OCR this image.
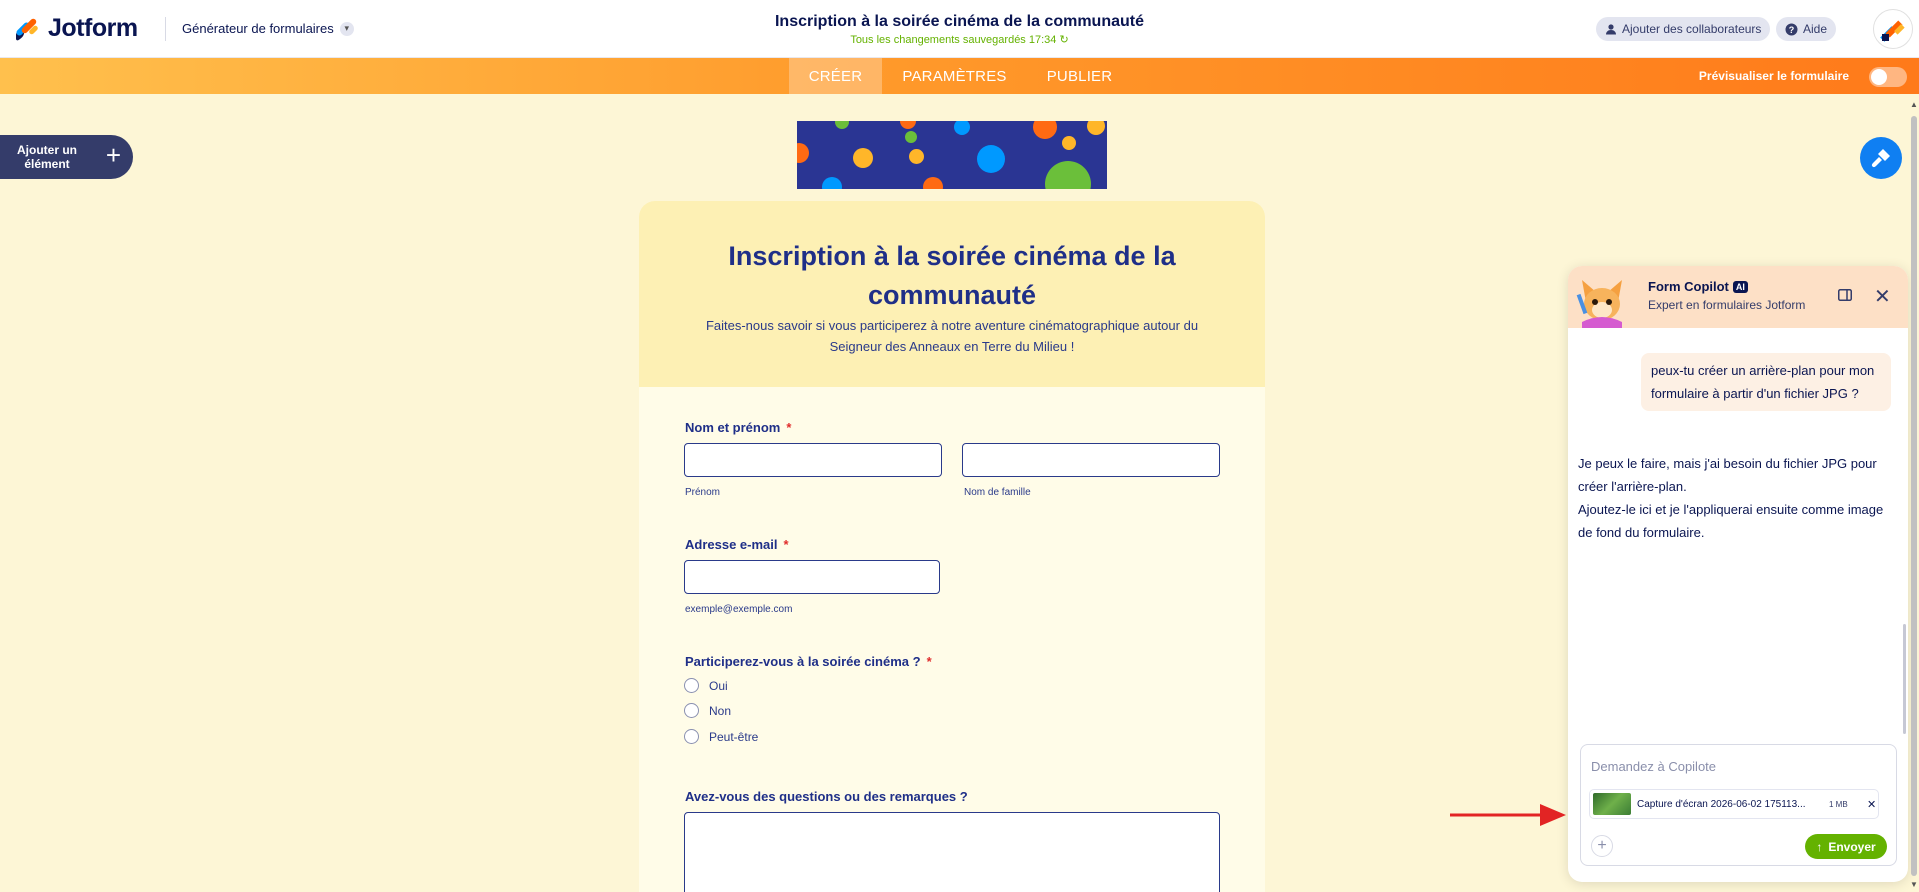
Jotform	Générateur de formulaires	▾	Inscription à la soirée cinéma de la communauté
Tous les changements sauvegardés 17:34 ↻
Ajouter des collaborateurs	? Aide
CRÉER	PARAMÈTRES	PUBLIER	Prévisualiser le formulaire
Ajouter un élément	+
Inscription à la soirée cinéma de la communauté
Faites-nous savoir si vous participerez à notre aventure cinématographique autour du Seigneur des Anneaux en Terre du Milieu !
Nom et prénom *
Prénom	Nom de famille
Adresse e-mail *
exemple@exemple.com
Participerez-vous à la soirée cinéma ? *
Oui
Non
Peut-être
Avez-vous des questions ou des remarques ?
Form Copilot AI
Expert en formulaires Jotform	✕
peux-tu créer un arrière-plan pour mon formulaire à partir d'un fichier JPG ?
Je peux le faire, mais j'ai besoin du fichier JPG pour créer l'arrière-plan.
Ajoutez-le ici et je l'appliquerai ensuite comme image de fond du formulaire.
Demandez à Copilote
Capture d'écran 2026-06-02 175113...	1 MB	✕
+	↑ Envoyer
▲
▼
